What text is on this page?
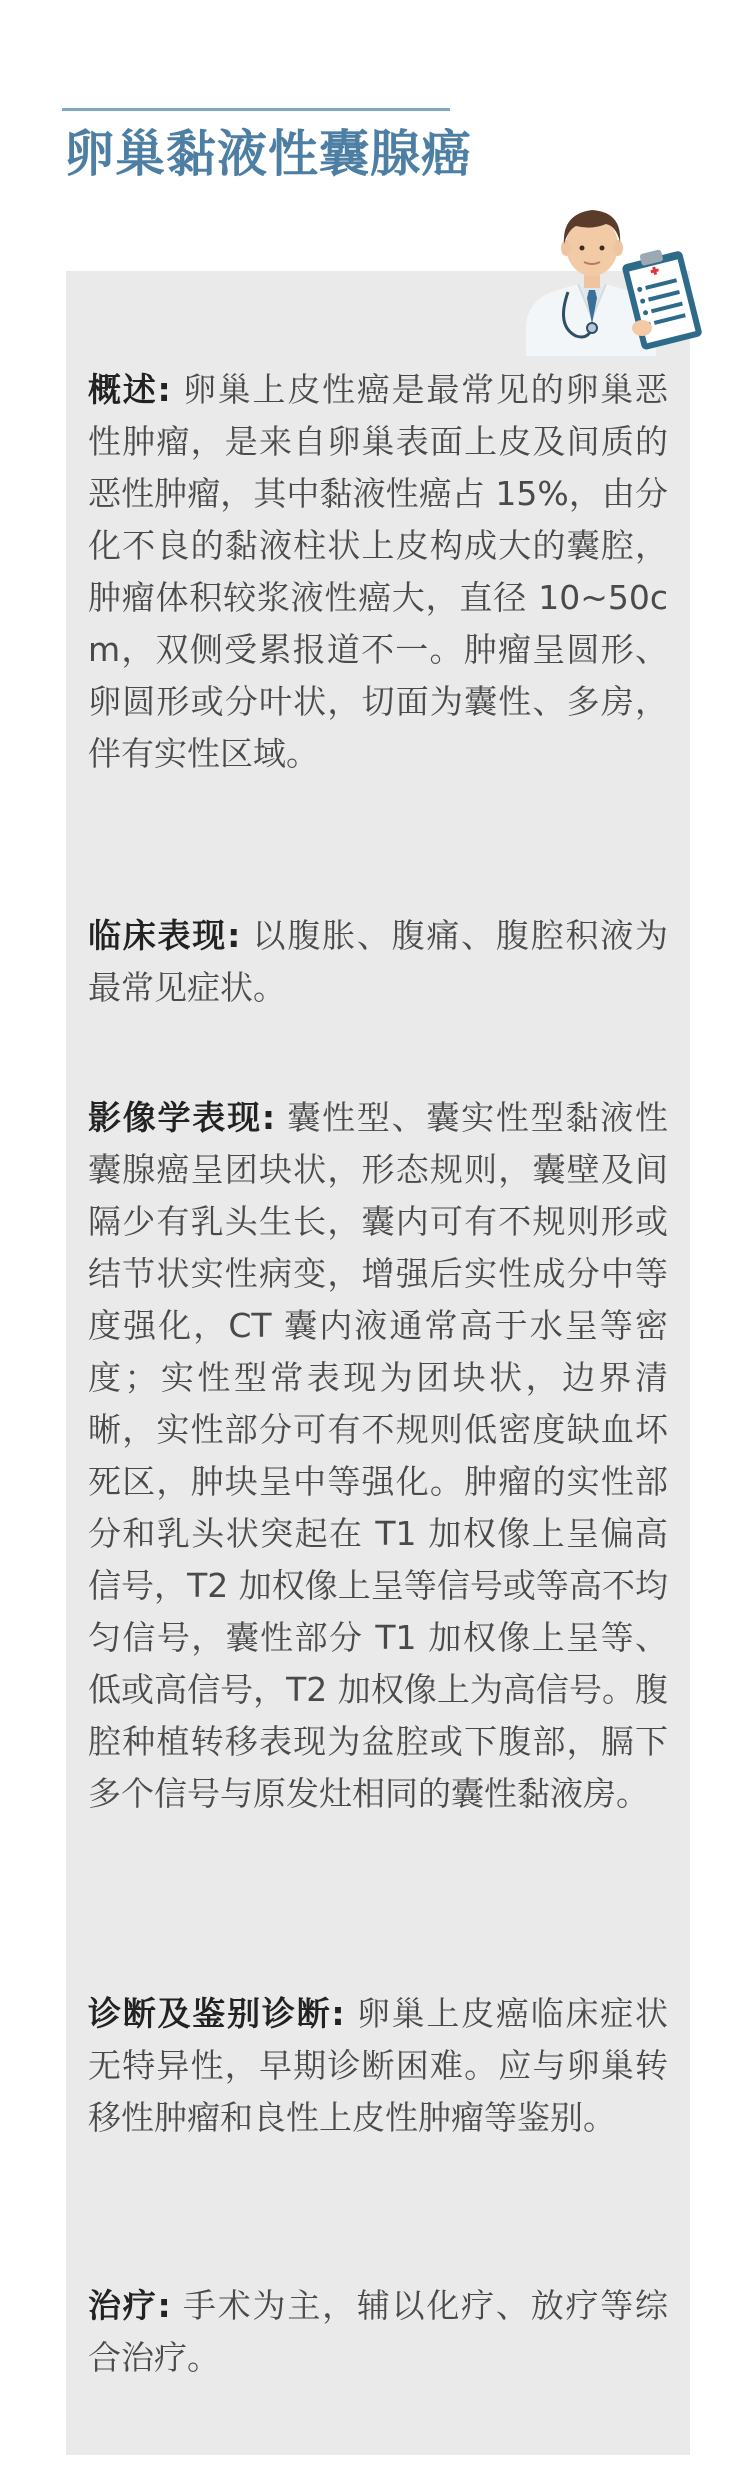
卵巢黏液性囊腺癌

概述: 卵巢上皮性癌是最常见的卵巢恶性肿瘤，是来自卵巢表面上皮及间质的恶性肿瘤，其中黏液性癌占 15%，由分化不良的黏液柱状上皮构成大的囊腔，肿瘤体积较浆液性癌大，直径 10~50cm，双侧受累报道不一。肿瘤呈圆形、卵圆形或分叶状，切面为囊性、多房，伴有实性区域。

临床表现: 以腹胀、腹痛、腹腔积液为最常见症状。

影像学表现: 囊性型、囊实性型黏液性囊腺癌呈团块状，形态规则，囊壁及间隔少有乳头生长，囊内可有不规则形或结节状实性病变，增强后实性成分中等度强化，CT 囊内液通常高于水呈等密度；实性型常表现为团块状，边界清晰，实性部分可有不规则低密度缺血坏死区，肿块呈中等强化。肿瘤的实性部分和乳头状突起在 T1 加权像上呈偏高信号，T2 加权像上呈等信号或等高不均匀信号，囊性部分 T1 加权像上呈等、低或高信号，T2 加权像上为高信号。腹腔种植转移表现为盆腔或下腹部，膈下多个信号与原发灶相同的囊性黏液房。

诊断及鉴别诊断: 卵巢上皮癌临床症状无特异性，早期诊断困难。应与卵巢转移性肿瘤和良性上皮性肿瘤等鉴别。

治疗: 手术为主，辅以化疗、放疗等综合治疗。
